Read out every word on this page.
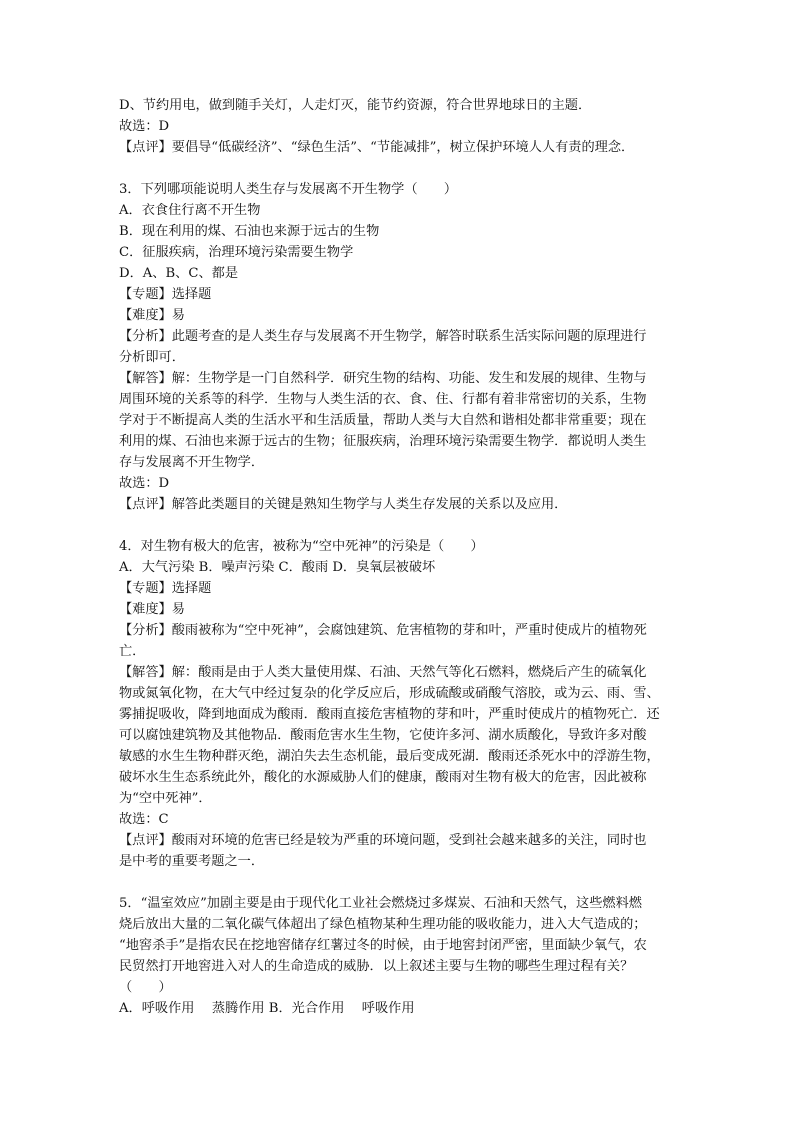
D、节约用电，做到随手关灯，人走灯灭，能节约资源，符合世界地球日的主题．

故选：D

【点评】要倡导“低碳经济”、“绿色生活”、“节能减排”，树立保护环境人人有责的理念．

3．下列哪项能说明人类生存与发展离不开生物学（　　）

A．衣食住行离不开生物

B．现在利用的煤、石油也来源于远古的生物

C．征服疾病，治理环境污染需要生物学

D．A、B、C、都是

【专题】选择题

【难度】易

【分析】此题考查的是人类生存与发展离不开生物学，解答时联系生活实际问题的原理进行

分析即可．

【解答】解：生物学是一门自然科学．研究生物的结构、功能、发生和发展的规律、生物与

周围环境的关系等的科学．生物与人类生活的衣、食、住、行都有着非常密切的关系，生物

学对于不断提高人类的生活水平和生活质量，帮助人类与大自然和谐相处都非常重要；现在

利用的煤、石油也来源于远古的生物；征服疾病，治理环境污染需要生物学．都说明人类生

存与发展离不开生物学．

故选：D

【点评】解答此类题目的关键是熟知生物学与人类生存发展的关系以及应用．

4．对生物有极大的危害，被称为“空中死神”的污染是（　　）

A．大气污染 B．噪声污染 C．酸雨 D．臭氧层被破坏

【专题】选择题

【难度】易

【分析】酸雨被称为“空中死神”，会腐蚀建筑、危害植物的芽和叶，严重时使成片的植物死

亡．

【解答】解：酸雨是由于人类大量使用煤、石油、天然气等化石燃料，燃烧后产生的硫氧化

物或氮氧化物，在大气中经过复杂的化学反应后，形成硫酸或硝酸气溶胶，或为云、雨、雪、

雾捕捉吸收，降到地面成为酸雨．酸雨直接危害植物的芽和叶，严重时使成片的植物死亡．还

可以腐蚀建筑物及其他物品．酸雨危害水生生物，它使许多河、湖水质酸化，导致许多对酸

敏感的水生生物种群灭绝，湖泊失去生态机能，最后变成死湖．酸雨还杀死水中的浮游生物，

破坏水生生态系统此外，酸化的水源威胁人们的健康，酸雨对生物有极大的危害，因此被称

为“空中死神”．

故选：C

【点评】酸雨对环境的危害已经是较为严重的环境问题，受到社会越来越多的关注，同时也

是中考的重要考题之一．

5．“温室效应”加剧主要是由于现代化工业社会燃烧过多煤炭、石油和天然气，这些燃料燃

烧后放出大量的二氧化碳气体超出了绿色植物某种生理功能的吸收能力，进入大气造成的；

“地窖杀手”是指农民在挖地窖储存红薯过冬的时候，由于地窖封闭严密，里面缺少氧气，农

民贸然打开地窖进入对人的生命造成的威胁．以上叙述主要与生物的哪些生理过程有关？

（　　）

A．呼吸作用　 蒸腾作用 B．光合作用　 呼吸作用
